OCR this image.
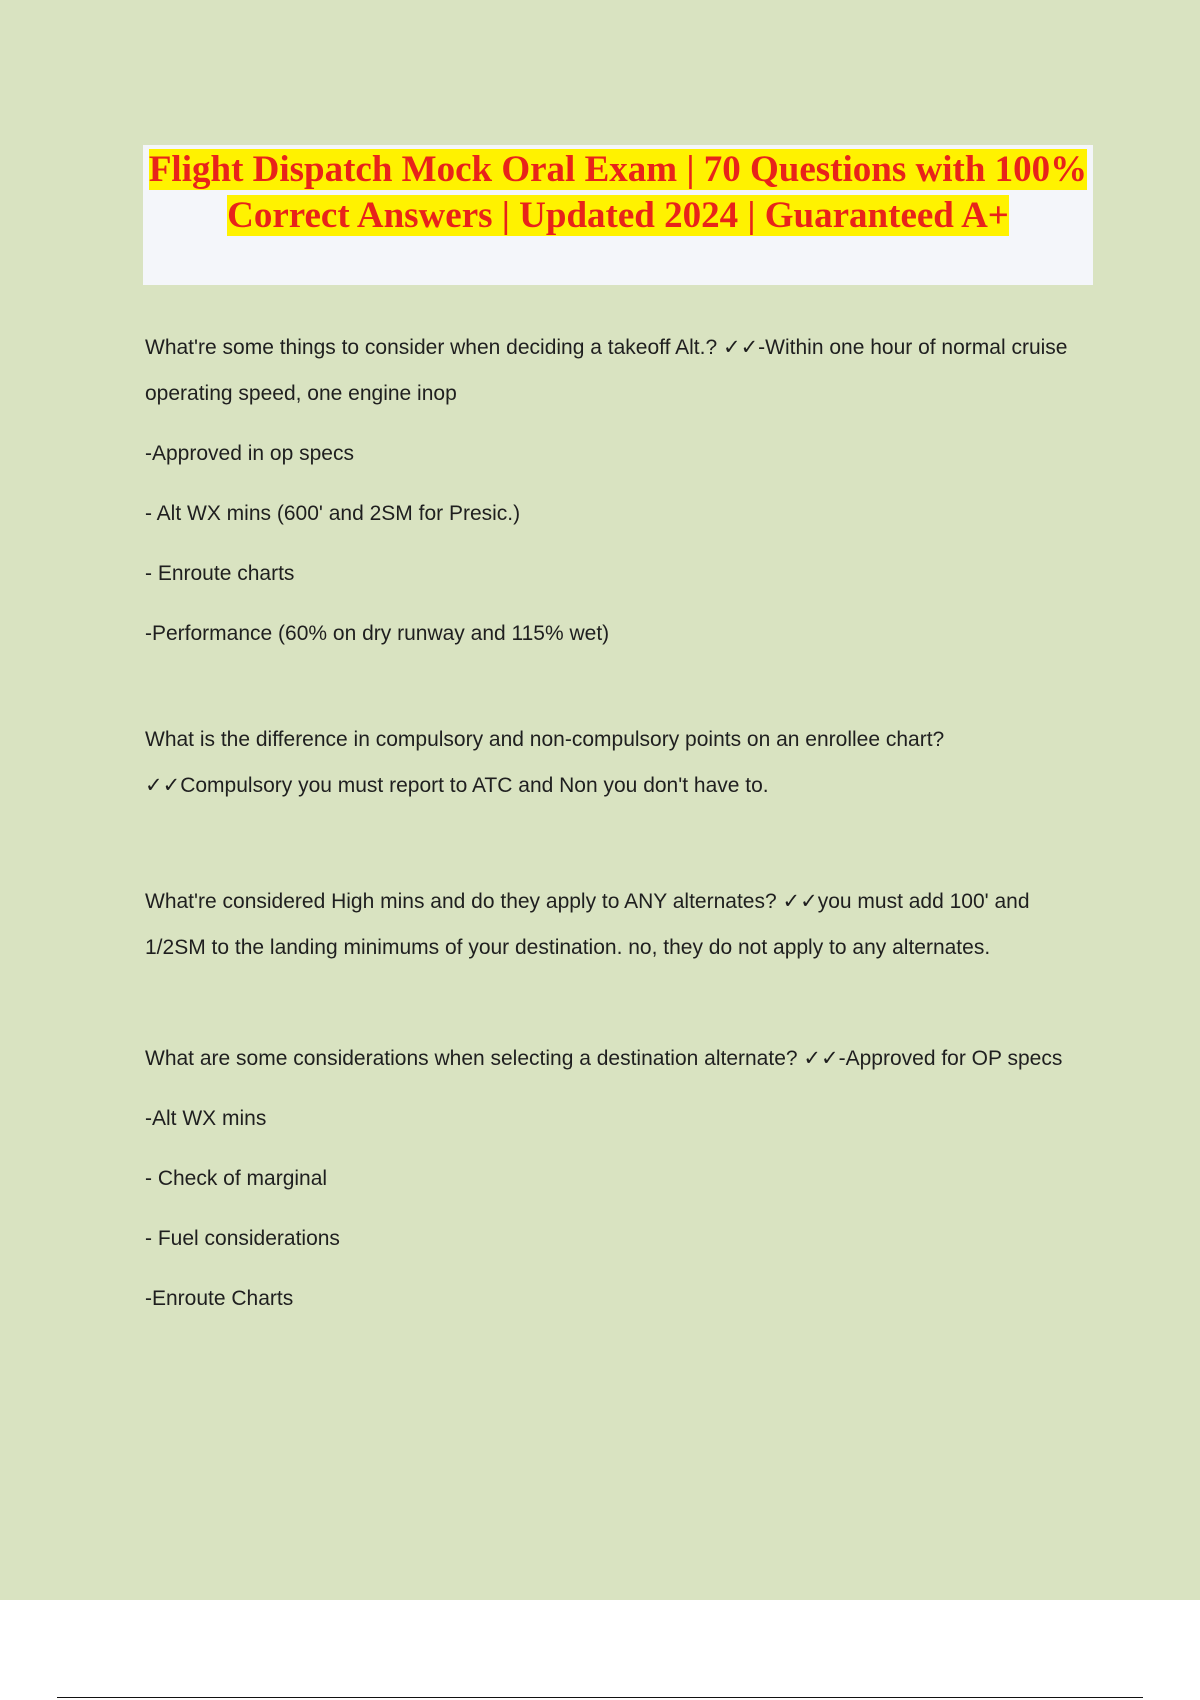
Flight Dispatch Mock Oral Exam | 70 Questions with 100% Correct Answers | Updated 2024 | Guaranteed A+

What're some things to consider when deciding a takeoff Alt.? ✓✓-Within one hour of normal cruise operating speed, one engine inop

-Approved in op specs

- Alt WX mins (600' and 2SM for Presic.)

- Enroute charts

-Performance (60% on dry runway and 115% wet)

What is the difference in compulsory and non-compulsory points on an enrollee chart? ✓✓Compulsory you must report to ATC and Non you don't have to.

What're considered High mins and do they apply to ANY alternates? ✓✓you must add 100' and 1/2SM to the landing minimums of your destination. no, they do not apply to any alternates.

What are some considerations when selecting a destination alternate? ✓✓-Approved for OP specs

-Alt WX mins

- Check of marginal

- Fuel considerations

-Enroute Charts
